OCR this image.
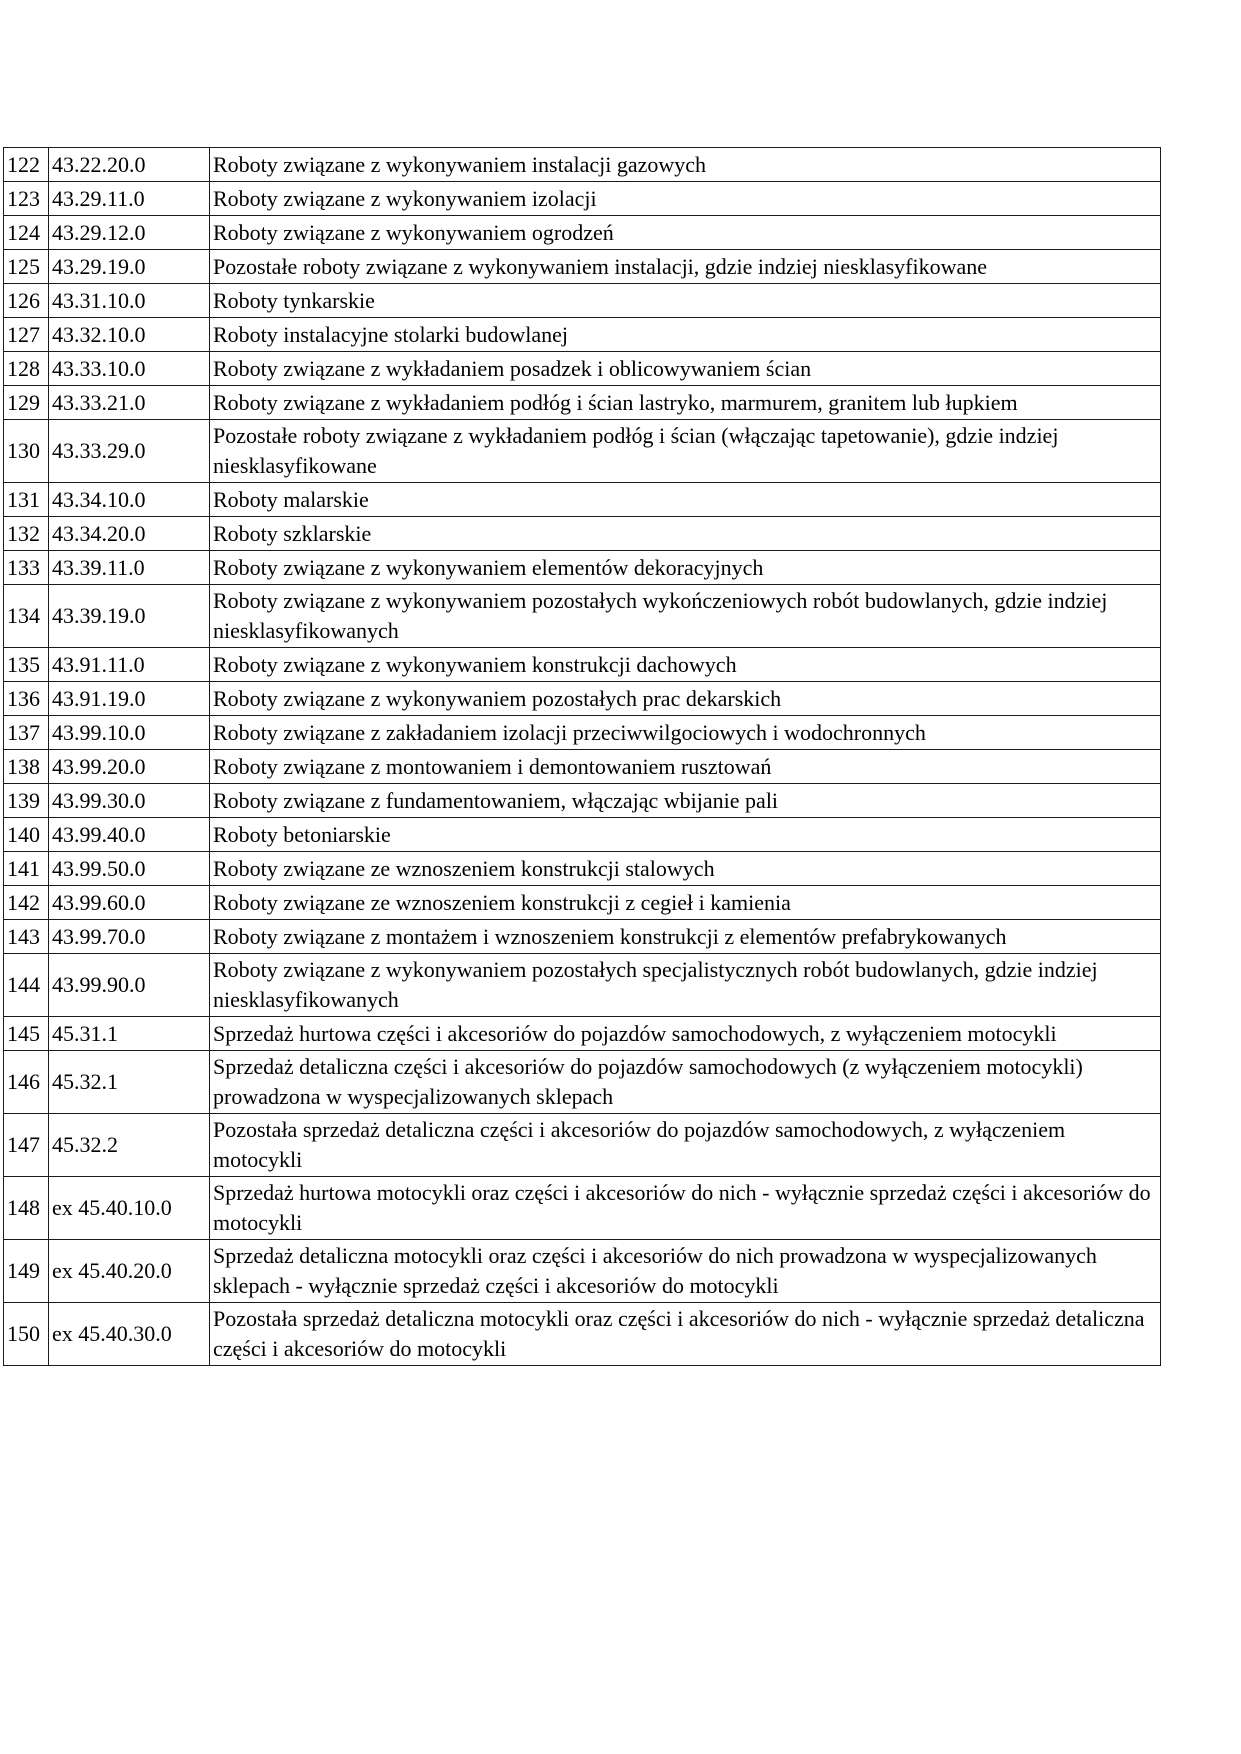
122	43.22.20.0	Roboty związane z wykonywaniem instalacji gazowych
123	43.29.11.0	Roboty związane z wykonywaniem izolacji
124	43.29.12.0	Roboty związane z wykonywaniem ogrodzeń
125	43.29.19.0	Pozostałe roboty związane z wykonywaniem instalacji, gdzie indziej niesklasyfikowane
126	43.31.10.0	Roboty tynkarskie
127	43.32.10.0	Roboty instalacyjne stolarki budowlanej
128	43.33.10.0	Roboty związane z wykładaniem posadzek i oblicowywaniem ścian
129	43.33.21.0	Roboty związane z wykładaniem podłóg i ścian lastryko, marmurem, granitem lub łupkiem
130	43.33.29.0	Pozostałe roboty związane z wykładaniem podłóg i ścian (włączając tapetowanie), gdzie indziej niesklasyfikowane
131	43.34.10.0	Roboty malarskie
132	43.34.20.0	Roboty szklarskie
133	43.39.11.0	Roboty związane z wykonywaniem elementów dekoracyjnych
134	43.39.19.0	Roboty związane z wykonywaniem pozostałych wykończeniowych robót budowlanych, gdzie indziej niesklasyfikowanych
135	43.91.11.0	Roboty związane z wykonywaniem konstrukcji dachowych
136	43.91.19.0	Roboty związane z wykonywaniem pozostałych prac dekarskich
137	43.99.10.0	Roboty związane z zakładaniem izolacji przeciwwilgociowych i wodochronnych
138	43.99.20.0	Roboty związane z montowaniem i demontowaniem rusztowań
139	43.99.30.0	Roboty związane z fundamentowaniem, włączając wbijanie pali
140	43.99.40.0	Roboty betoniarskie
141	43.99.50.0	Roboty związane ze wznoszeniem konstrukcji stalowych
142	43.99.60.0	Roboty związane ze wznoszeniem konstrukcji z cegieł i kamienia
143	43.99.70.0	Roboty związane z montażem i wznoszeniem konstrukcji z elementów prefabrykowanych
144	43.99.90.0	Roboty związane z wykonywaniem pozostałych specjalistycznych robót budowlanych, gdzie indziej niesklasyfikowanych
145	45.31.1	Sprzedaż hurtowa części i akcesoriów do pojazdów samochodowych, z wyłączeniem motocykli
146	45.32.1	Sprzedaż detaliczna części i akcesoriów do pojazdów samochodowych (z wyłączeniem motocykli) prowadzona w wyspecjalizowanych sklepach
147	45.32.2	Pozostała sprzedaż detaliczna części i akcesoriów do pojazdów samochodowych, z wyłączeniem motocykli
148	ex 45.40.10.0	Sprzedaż hurtowa motocykli oraz części i akcesoriów do nich - wyłącznie sprzedaż części i akcesoriów do motocykli
149	ex 45.40.20.0	Sprzedaż detaliczna motocykli oraz części i akcesoriów do nich prowadzona w wyspecjalizowanych sklepach - wyłącznie sprzedaż części i akcesoriów do motocykli
150	ex 45.40.30.0	Pozostała sprzedaż detaliczna motocykli oraz części i akcesoriów do nich - wyłącznie sprzedaż detaliczna części i akcesoriów do motocykli
